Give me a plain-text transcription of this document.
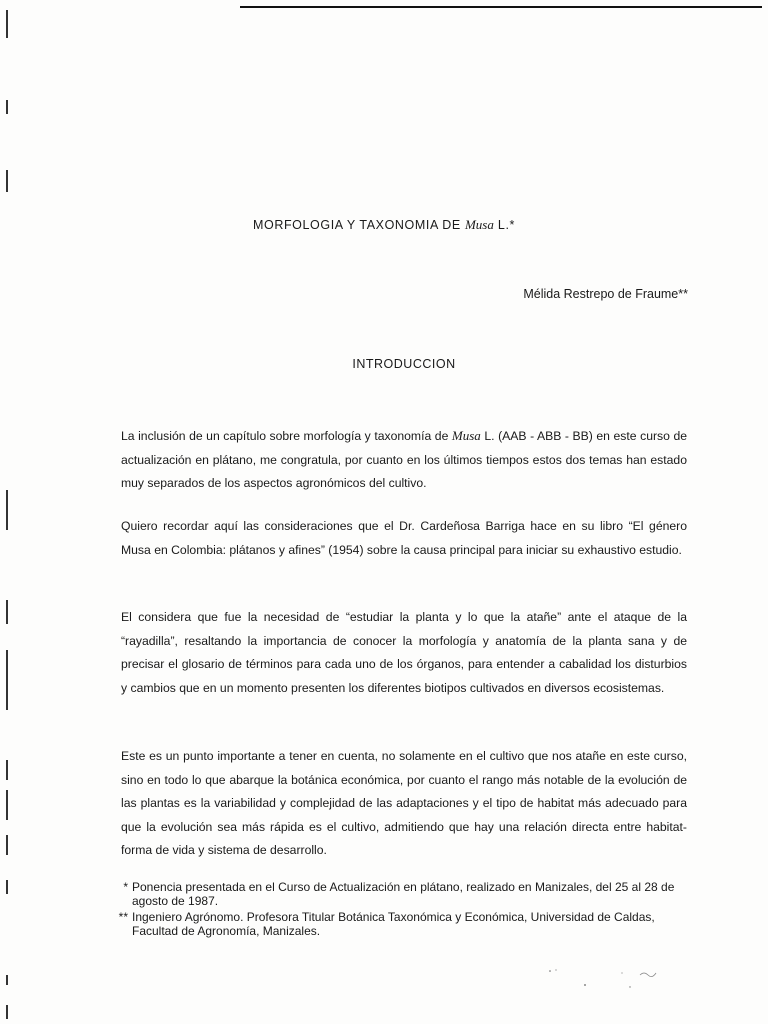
MORFOLOGIA Y TAXONOMIA DE Musa L.*
Mélida Restrepo de Fraume**
INTRODUCCION

La inclusión de un capítulo sobre morfología y taxonomía de Musa L. (AAB - ABB - BB) en este curso de actualización en plátano, me congratula, por cuanto en los últimos tiempos estos dos temas han estado muy separados de los aspectos agronómicos del cultivo.

Quiero recordar aquí las consideraciones que el Dr. Cardeñosa Barriga hace en su libro “El género Musa en Colombia: plátanos y afines” (1954) sobre la causa principal para iniciar su exhaustivo estudio.

El considera que fue la necesidad de “estudiar la planta y lo que la atañe” ante el ataque de la “rayadilla”, resaltando la importancia de conocer la morfología y anatomía de la planta sana y de precisar el glosario de términos para cada uno de los órganos, para entender a cabalidad los disturbios y cambios que en un momento presenten los diferentes biotipos cultivados en diversos ecosistemas.

Este es un punto importante a tener en cuenta, no solamente en el cultivo que nos atañe en este curso, sino en todo lo que abarque la botánica económica, por cuanto el rango más notable de la evolución de las plantas es la variabilidad y complejidad de las adaptaciones y el tipo de habitat más adecuado para que la evolución sea más rápida es el cultivo, admitiendo que hay una relación directa entre habitat-forma de vida y sistema de desarrollo.

* Ponencia presentada en el Curso de Actualización en plátano, realizado en Manizales, del 25 al 28 de agosto de 1987.
** Ingeniero Agrónomo. Profesora Titular Botánica Taxonómica y Económica, Universidad de Caldas, Facultad de Agronomía, Manizales.
